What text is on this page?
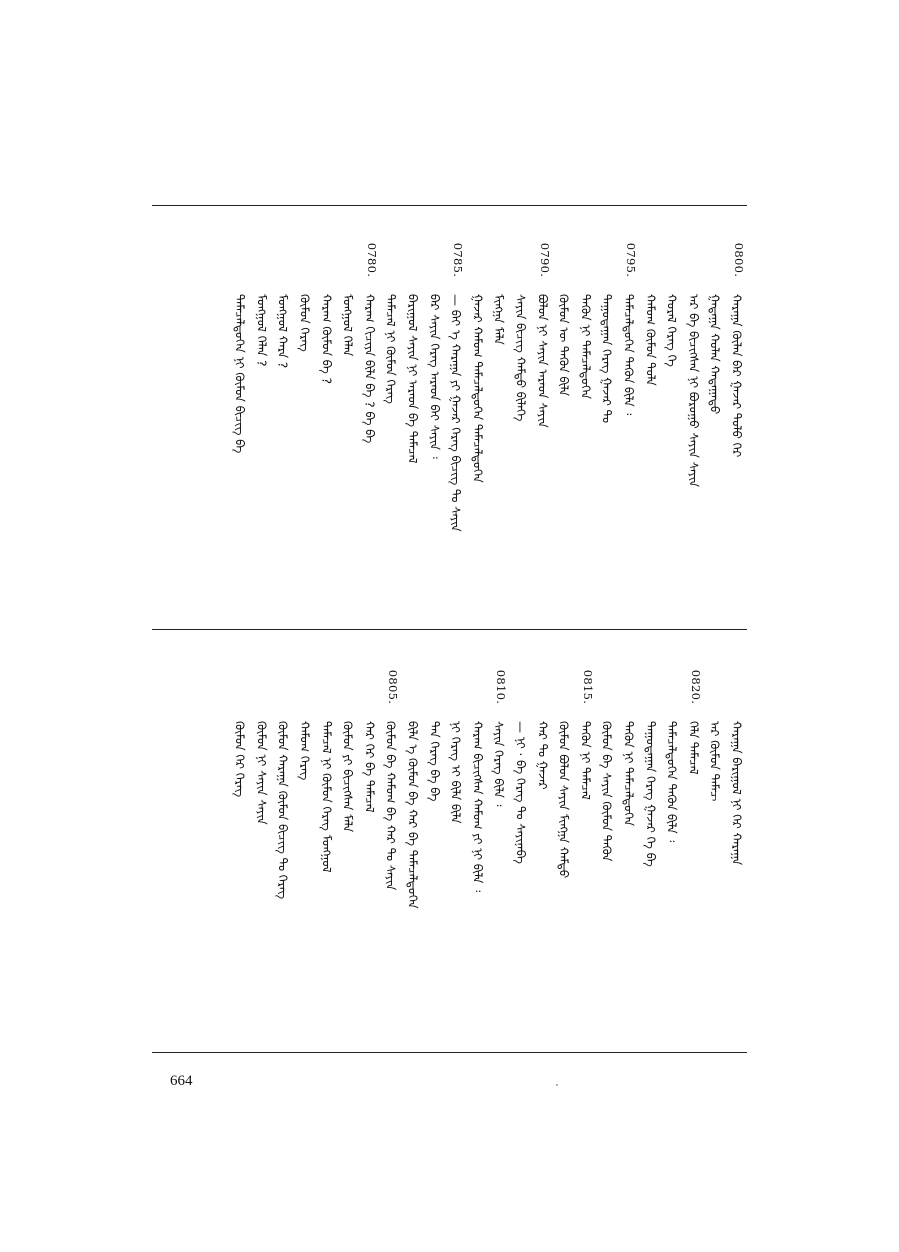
0800.
ᠬᠠᠷᠠᠭᠠ ᠬᠥᠯᠡᠨ ᠪᠡᠷ ᠭᠠᠵᠠᠷ ᠲᠤᠯᠤ ᠬᠡᠷ
ᠭᠠᠳᠠᠭᠠ ᠬᠤᠯᠠᠨ ᠬᠠᠳᠠᠭᠠᠲᠤ
ᠠᠷ ᠪᠠ ᠪᠢᠴᠢᠭᠰᠡᠨ ᠨᠢ ᠪᠤᠷᠤᠭᠤ ᠰᠠᠶᠢᠨ ᠰᠠᠶᠢᠨ
ᠬᠤᠷᠠᠯ ᠬᠡᠷᠡᠭ ᠬᠡ
ᠬᠠᠮᠤᠭ ᠬᠦᠮᠦᠨ ᠲᠤᠯᠠ
0795.
ᠲᠡᠮᠡᠴᠡᠯᠳᠦᠭᠡᠨ ᠲᠡᠭᠦᠨ ᠪᠢᠯᠡ ᠄
ᠳᠠᠭᠤᠳᠠᠭᠠᠨ ᠬᠡᠷᠡᠭ ᠭᠠᠵᠠᠷ ᠲᠤ
ᠲᠡᠭᠦᠨ ᠨᠢ ᠲᠡᠮᠡᠴᠡᠯᠳᠦᠭᠡᠨ
ᠬᠦᠮᠦᠨ ᠦ ᠲᠡᠭᠦᠨ ᠪᠢᠯᠡ
0790.
ᠪᠤᠯᠤᠨ ᠨᠢ ᠰᠠᠶᠢᠨ ᠠᠷᠠᠳ ᠰᠠᠶᠢᠨ
ᠰᠠᠶᠢᠨ ᠪᠢᠴᠢᠭ ᠬᠠᠮᠲᠤ ᠪᠢᠯᠡᠭᠡ
ᠮᠢᠩᠭᠠ ᠮᠠᠯᠠ
ᠭᠠᠵᠠᠷ ᠬᠠᠮᠤᠭ ᠲᠡᠮᠡᠴᠡᠯᠳᠦᠭᠡᠨ ᠲᠡᠮᠡᠴᠡᠯᠳᠦᠭᠡᠨ
0785.
— ᠪᠠᠢ ᠡ ᠬᠠᠷᠠᠭᠠ ᠶᠢ ᠭᠠᠵᠠᠷ ᠬᠡᠷᠡᠭ ᠪᠢᠴᠢᠭ ᠲᠤ ᠰᠠᠶᠢᠨ
ᠪᠠᠷ ᠰᠠᠶᠢᠨ ᠬᠡᠷᠡᠭ ᠠᠷᠠᠳ ᠪᠠᠢ ᠰᠠᠶᠢᠨ ᠄
ᠪᠠᠷᠢᠭᠤᠯ ᠰᠠᠶᠢᠨ ᠨᠢ ᠠᠷᠠᠳ ᠪᠠ ᠲᠡᠮᠡᠴᠡᠯ
ᠲᠡᠮᠡᠴᠡᠯ ᠨᠢ ᠬᠦᠮᠦᠨ ᠬᠡᠷᠡᠭ
0780.
ᠬᠠᠷᠠᠭ ᠬᠢᠴᠢᠶᠡ ᠪᠢᠯᠡ ᠪᠠ ? ᠪᠠ ᠪᠠ
ᠮᠤᠩᠭᠤᠯ ᠬᠡᠯᠡᠨ
ᠬᠠᠷᠠᠭ ᠬᠦᠮᠦᠨ ᠪᠠ ?
ᠬᠦᠮᠦᠨ ᠬᠡᠷᠡᠭ
ᠮᠤᠩᠭᠤᠯ ᠬᠠᠷᠠ ?
ᠮᠤᠩᠭᠤᠯ ᠬᠡᠯᠡᠨ ?
ᠲᠡᠮᠡᠴᠡᠯᠳᠦᠭᠡᠨ ᠨᠢ ᠬᠦᠮᠦᠨ ᠪᠢᠴᠢᠭ ᠪᠠ
ᠬᠠᠷᠠᠭᠠ ᠪᠠᠷᠢᠭᠤᠯ ᠨᠢ ᠬᠡᠷ ᠬᠠᠷᠠᠭᠠ
ᠠᠷ ᠬᠦᠮᠦᠨ ᠲᠡᠮᠡᠴ
0820.
ᠬᠡᠯᠡ ᠲᠡᠮᠡᠴᠡᠯ
ᠲᠡᠮᠡᠴᠡᠯᠳᠦᠭᠡᠨ ᠲᠡᠭᠦᠨ ᠪᠢᠯᠡ ᠄
ᠳᠠᠭᠤᠳᠠᠭᠠᠨ ᠬᠡᠷᠡᠭ ᠭᠠᠵᠠᠷ ᠬᠡ ᠪᠠ
ᠲᠡᠭᠦᠨ ᠨᠢ ᠲᠡᠮᠡᠴᠡᠯᠳᠦᠭᠡᠨ
ᠬᠦᠮᠦᠨ ᠪᠠ ᠰᠠᠶᠢᠨ ᠬᠦᠮᠦᠨ ᠲᠡᠭᠦᠨ
0815.
ᠲᠡᠭᠦᠨ ᠨᠢ ᠲᠡᠮᠡᠴᠡᠯ
ᠬᠦᠮᠦᠨ ᠪᠤᠯᠤᠨ ᠰᠠᠶᠢᠨ ᠮᠢᠩᠭᠠ ᠬᠠᠮᠲᠤ
ᠬᠠᠷ ᠲᠤ ᠭᠠᠵᠠᠷ
— ᠨᠢ · ᠪᠠ ᠬᠡᠷᠡᠭ ᠲᠤ ᠰᠠᠶᠢᠨᠡᠪᠡ
0810.
ᠰᠠᠶᠢᠨ ᠬᠡᠷᠡᠭ ᠪᠢᠯᠡ ᠄
ᠬᠠᠷᠠᠭ ᠪᠢᠴᠢᠭᠰᠡᠨ ᠬᠠᠮᠤᠭ ᠶᠢ ᠨᠢ ᠪᠢᠯᠡ ᠄
ᠨᠢ ᠬᠡᠷᠡᠭ ᠢ ᠪᠢᠯᠡ ᠪᠢᠯᠡ
ᠲᠠᠨ ᠬᠡᠷᠡᠭ ᠪᠠ ᠪᠠ
ᠪᠢᠯᠡ ᠡ ᠬᠦᠮᠦᠨ ᠪᠠ ᠬᠠᠷ ᠪᠠ ᠲᠡᠮᠡᠴᠡᠯᠳᠦᠭᠡᠨ
0805.
ᠬᠦᠮᠦᠨ ᠪᠠ ᠬᠠᠮᠤᠭ ᠪᠠ ᠬᠠᠷ ᠲᠤ ᠰᠠᠶᠢᠨ
ᠬᠠᠷ ᠬᠡᠷ ᠪᠠ ᠲᠡᠮᠡᠴᠡᠯ
ᠬᠦᠮᠦᠨ ᠶᠢ ᠪᠢᠴᠢᠭᠰᠡᠨ ᠮᠠᠯᠠ
ᠲᠡᠮᠡᠴᠡᠯ ᠨᠢ ᠬᠦᠮᠦᠨ ᠬᠡᠷᠡᠭ ᠮᠤᠩᠭᠤᠯ
ᠬᠠᠮᠤᠭ ᠬᠡᠷᠡᠭ
ᠬᠦᠮᠦᠨ ᠬᠠᠷᠠᠭᠠ ᠬᠦᠮᠦᠨ ᠪᠢᠴᠢᠭ ᠲᠤ ᠬᠡᠷᠡᠭ
ᠬᠦᠮᠦᠨ ᠨᠢ ᠰᠠᠶᠢᠨ ᠰᠠᠶᠢᠨ
ᠬᠦᠮᠦᠨ ᠬᠡᠷ ᠬᠡᠷᠡᠭ
664
